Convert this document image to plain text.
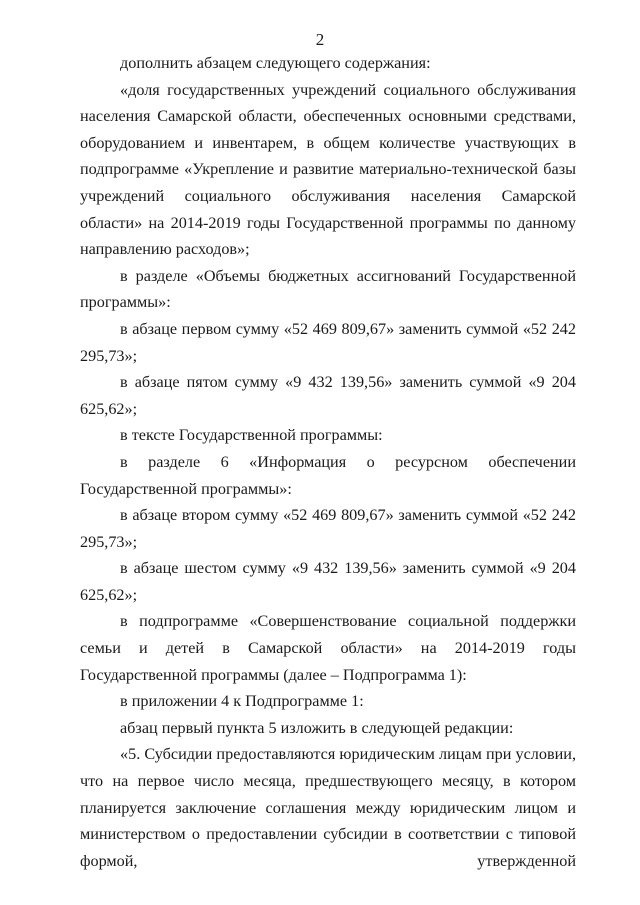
2

дополнить абзацем следующего содержания:

«доля государственных учреждений социального обслуживания населения Самарской области, обеспеченных основными средствами, оборудованием и инвентарем, в общем количестве участвующих в подпрограмме «Укрепление и развитие материально-технической базы учреждений социального обслуживания населения Самарской области» на 2014-2019 годы Государственной программы по данному направлению расходов»;

в разделе «Объемы бюджетных ассигнований Государственной программы»:

в абзаце первом сумму «52 469 809,67» заменить суммой «52 242 295,73»;

в абзаце пятом сумму «9 432 139,56» заменить суммой «9 204 625,62»;

в тексте Государственной программы:

в разделе 6 «Информация о ресурсном обеспечении Государственной программы»:

в абзаце втором сумму «52 469 809,67» заменить суммой «52 242 295,73»;

в абзаце шестом сумму «9 432 139,56» заменить суммой «9 204 625,62»;

в подпрограмме «Совершенствование социальной поддержки семьи и детей в Самарской области» на 2014-2019 годы Государственной программы (далее – Подпрограмма 1):

в приложении 4 к Подпрограмме 1:

абзац первый пункта 5 изложить в следующей редакции:

«5. Субсидии предоставляются юридическим лицам при условии, что на первое число месяца, предшествующего месяцу, в котором планируется заключение соглашения между юридическим лицом и министерством о предоставлении субсидии в соответствии с типовой формой, утвержденной
